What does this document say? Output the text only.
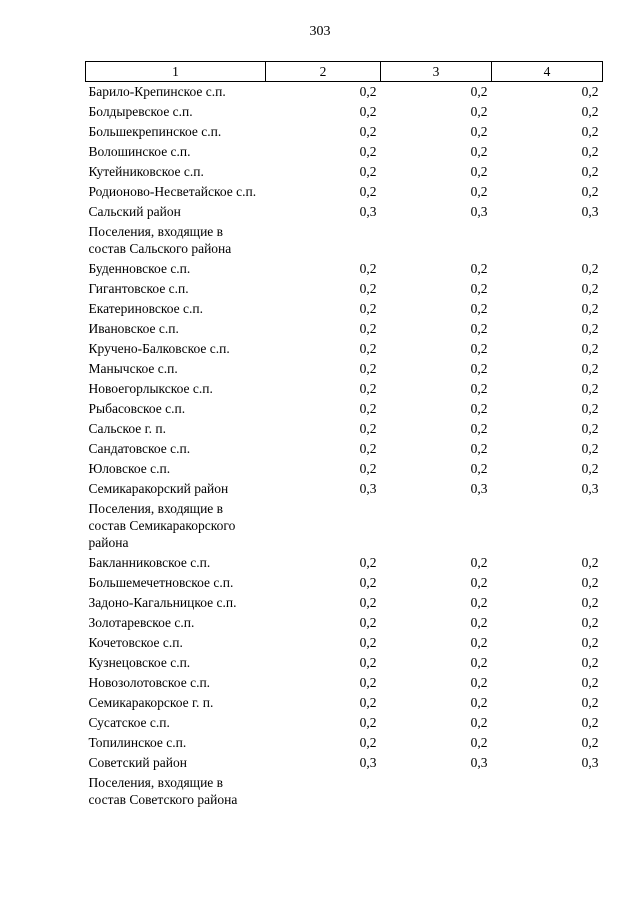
303
1	2	3	4
Барило-Крепинское с.п.	0,2	0,2	0,2
Болдыревское с.п.	0,2	0,2	0,2
Большекрепинское с.п.	0,2	0,2	0,2
Волошинское с.п.	0,2	0,2	0,2
Кутейниковское с.п.	0,2	0,2	0,2
Родионово-Несветайское с.п.	0,2	0,2	0,2
Сальский район	0,3	0,3	0,3
Поселения, входящие в состав Сальского района			
Буденновское с.п.	0,2	0,2	0,2
Гигантовское с.п.	0,2	0,2	0,2
Екатериновское с.п.	0,2	0,2	0,2
Ивановское с.п.	0,2	0,2	0,2
Кручено-Балковское с.п.	0,2	0,2	0,2
Манычское с.п.	0,2	0,2	0,2
Новоегорлыкское с.п.	0,2	0,2	0,2
Рыбасовское с.п.	0,2	0,2	0,2
Сальское г. п.	0,2	0,2	0,2
Сандатовское с.п.	0,2	0,2	0,2
Юловское с.п.	0,2	0,2	0,2
Семикаракорский район	0,3	0,3	0,3
Поселения, входящие в состав Семикаракорского района			
Бакланниковское с.п.	0,2	0,2	0,2
Большемечетновское с.п.	0,2	0,2	0,2
Задоно-Кагальницкое с.п.	0,2	0,2	0,2
Золотаревское с.п.	0,2	0,2	0,2
Кочетовское с.п.	0,2	0,2	0,2
Кузнецовское с.п.	0,2	0,2	0,2
Новозолотовское с.п.	0,2	0,2	0,2
Семикаракорское г. п.	0,2	0,2	0,2
Сусатское с.п.	0,2	0,2	0,2
Топилинское с.п.	0,2	0,2	0,2
Советский район	0,3	0,3	0,3
Поселения, входящие в состав Советского района			
